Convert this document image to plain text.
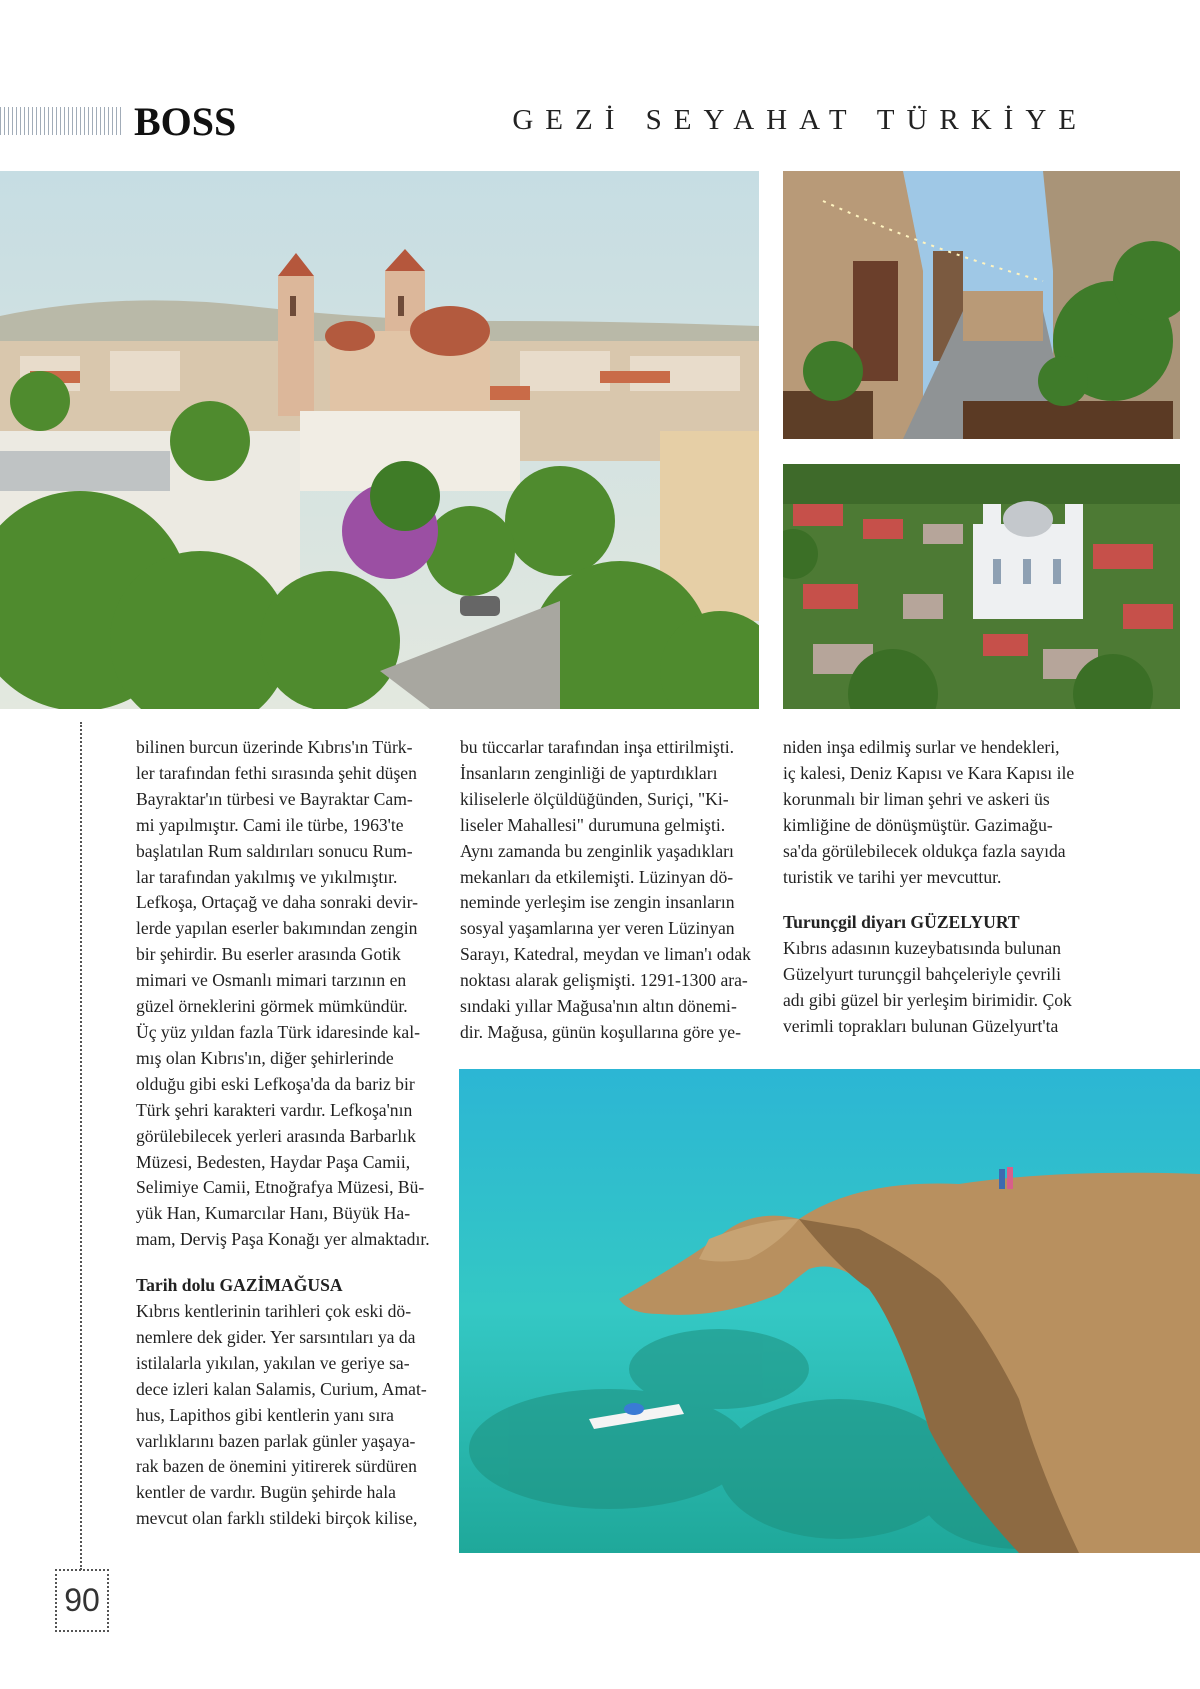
BOSS	GEZİ SEYAHAT TÜRKİYE
90

bilinen burcun üzerinde Kıbrıs'ın Türk-

ler tarafından fethi sırasında şehit düşen

Bayraktar'ın türbesi ve Bayraktar Cam-

mi yapılmıştır. Cami ile türbe, 1963'te

başlatılan Rum saldırıları sonucu Rum-

lar tarafından yakılmış ve yıkılmıştır.

Lefkoşa, Ortaçağ ve daha sonraki devir-

lerde yapılan eserler bakımından zengin

bir şehirdir. Bu eserler arasında Gotik

mimari ve Osmanlı mimari tarzının en

güzel örneklerini görmek mümkündür.

Üç yüz yıldan fazla Türk idaresinde kal-

mış olan Kıbrıs'ın, diğer şehirlerinde

olduğu gibi eski Lefkoşa'da da bariz bir

Türk şehri karakteri vardır. Lefkoşa'nın

görülebilecek yerleri arasında Barbarlık

Müzesi, Bedesten, Haydar Paşa Camii,

Selimiye Camii, Etnoğrafya Müzesi, Bü-

yük Han, Kumarcılar Hanı, Büyük Ha-

mam, Derviş Paşa Konağı yer almaktadır.

Tarih dolu GAZİMAĞUSA

Kıbrıs kentlerinin tarihleri çok eski dö-

nemlere dek gider. Yer sarsıntıları ya da

istilalarla yıkılan, yakılan ve geriye sa-

dece izleri kalan Salamis, Curium, Amat-

hus, Lapithos gibi kentlerin yanı sıra

varlıklarını bazen parlak günler yaşaya-

rak bazen de önemini yitirerek sürdüren

kentler de vardır. Bugün şehirde hala

mevcut olan farklı stildeki birçok kilise,

bu tüccarlar tarafından inşa ettirilmişti.

İnsanların zenginliği de yaptırdıkları

kiliselerle ölçüldüğünden, Suriçi, "Ki-

liseler Mahallesi" durumuna gelmişti.

Aynı zamanda bu zenginlik yaşadıkları

mekanları da etkilemişti. Lüzinyan dö-

neminde yerleşim ise zengin insanların

sosyal yaşamlarına yer veren Lüzinyan

Sarayı, Katedral, meydan ve liman'ı odak

noktası alarak gelişmişti. 1291-1300 ara-

sındaki yıllar Mağusa'nın altın dönemi-

dir. Mağusa, günün koşullarına göre ye-

niden inşa edilmiş surlar ve hendekleri,

iç kalesi, Deniz Kapısı ve Kara Kapısı ile

korunmalı bir liman şehri ve askeri üs

kimliğine de dönüşmüştür. Gazimağu-

sa'da görülebilecek oldukça fazla sayıda

turistik ve tarihi yer mevcuttur.

Turunçgil diyarı GÜZELYURT

Kıbrıs adasının kuzeybatısında bulunan

Güzelyurt turunçgil bahçeleriyle çevrili

adı gibi güzel bir yerleşim birimidir. Çok

verimli toprakları bulunan Güzelyurt'ta
